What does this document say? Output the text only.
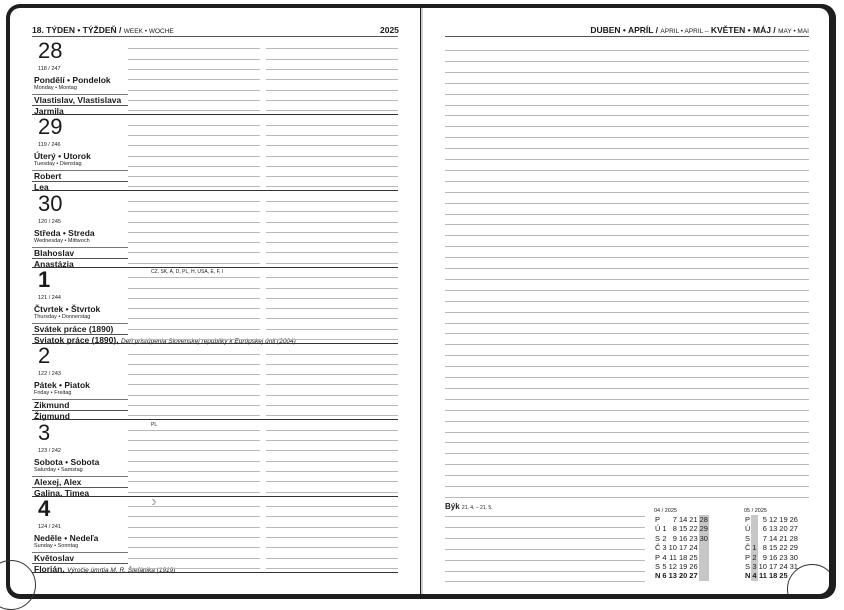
18. TÝDEN • TÝŽDEŇ / WEEK • WOCHE	2025
28
118 / 247
Pondělí • Pondelok
Monday • Montag
Vlastislav, Vlastislava
Jarmila
29
119 / 246
Úterý • Utorok
Tuesday • Dienstag
Robert
Lea
30
120 / 245
Středa • Streda
Wednesday • Mittwoch
Blahoslav
Anastázia
1
121 / 244
Čtvrtek • Štvrtok
Thursday • Donnerstag
Svátek práce (1890)
Sviatok práce (1890), Deň pristúpenia Slovenskej republiky k Európskej únii (2004)
CZ, SK, A, D, PL, H, USA, E, F, I
2
122 / 243
Pátek • Piatok
Friday • Freitag
Zikmund
Žigmund
3
123 / 242
Sobota • Sobota
Saturday • Samstag
Alexej, Alex
Galina, Timea
PL
4
124 / 241
Neděle • Nedeľa
Sunday • Sonntag
Květoslav
Florián, Výročie úmrtia M. R. Štefánika (1919)
☽
DUBEN • APRÍL / APRIL • APRIL – KVĚTEN • MÁJ / MAY • MAI
Býk 21. 4. – 21. 5.	04 / 2025
P		7	14	21	28
Ú	1	8	15	22	29
S	2	9	16	23	30
Č	3	10	17	24	
P	4	11	18	25	
S	5	12	19	26	
N	6	13	20	27	
05 / 2025
P		5	12	19	26
Ú		6	13	20	27
S		7	14	21	28
Č	1	8	15	22	29
P	2	9	16	23	30
S	3	10	17	24	31
N	4	11	18	25	
